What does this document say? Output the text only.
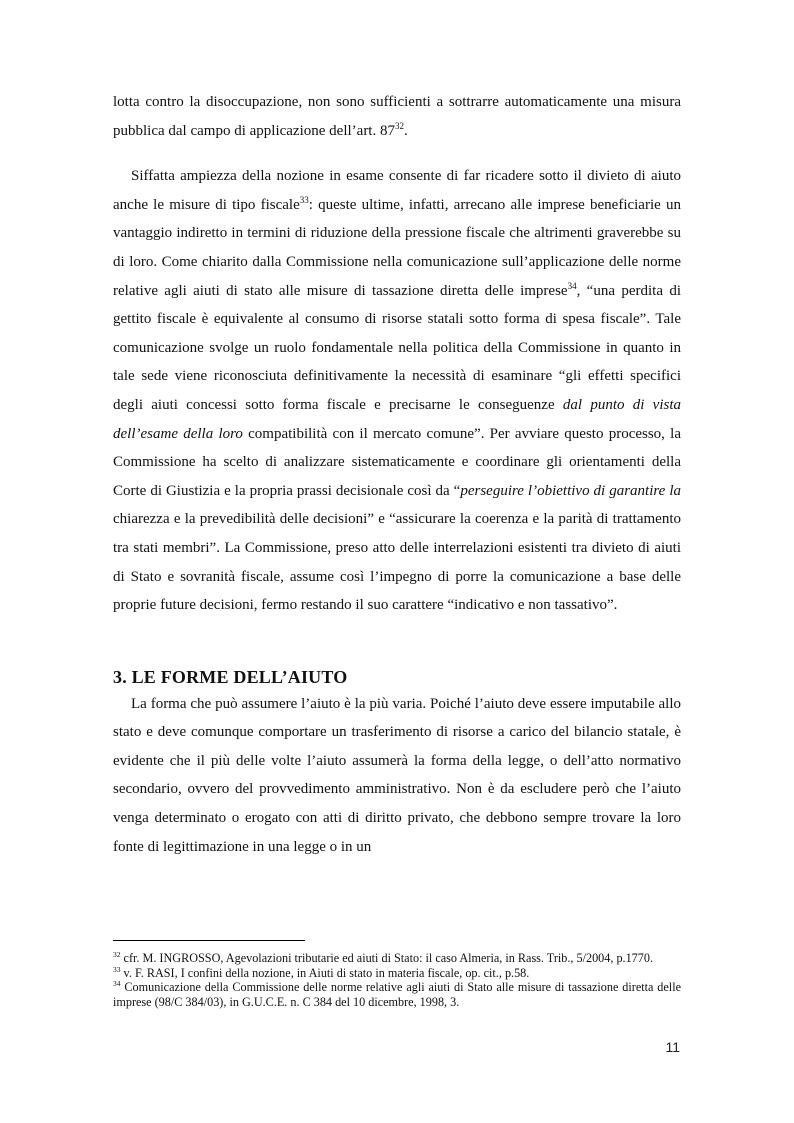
lotta contro la disoccupazione, non sono sufficienti a sottrarre automaticamente una misura pubblica dal campo di applicazione dell’art. $87^{32}$.

Siffatta ampiezza della nozione in esame consente di far ricadere sotto il divieto di aiuto anche le misure di tipo fiscale$^{33}$: queste ultime, infatti, arrecano alle imprese beneficiarie un vantaggio indiretto in termini di riduzione della pressione fiscale che altrimenti graverebbe su di loro. Come chiarito dalla Commissione nella comunicazione sull’applicazione delle norme relative agli aiuti di stato alle misure di tassazione diretta delle imprese$^{34}$, “una perdita di gettito fiscale è equivalente al consumo di risorse statali sotto forma di spesa fiscale”. Tale comunicazione svolge un ruolo fondamentale nella politica della Commissione in quanto in tale sede viene riconosciuta definitivamente la necessità di esaminare “gli effetti specifici degli aiuti concessi sotto forma fiscale e precisarne le conseguenze dal punto di vista dell’esame della loro compatibilità con il mercato comune”. Per avviare questo processo, la Commissione ha scelto di analizzare sistematicamente e coordinare gli orientamenti della Corte di Giustizia e la propria prassi decisionale così da “perseguire l’obiettivo di garantire la chiarezza e la prevedibilità delle decisioni” e “assicurare la coerenza e la parità di trattamento tra stati membri”. La Commissione, preso atto delle interrelazioni esistenti tra divieto di aiuti di Stato e sovranità fiscale, assume così l’impegno di porre la comunicazione a base delle proprie future decisioni, fermo restando il suo carattere “indicativo e non tassativo”.

3. LE FORME DELL’AIUTO

La forma che può assumere l’aiuto è la più varia. Poiché l’aiuto deve essere imputabile allo stato e deve comunque comportare un trasferimento di risorse a carico del bilancio statale, è evidente che il più delle volte l’aiuto assumerà la forma della legge, o dell’atto normativo secondario, ovvero del provvedimento amministrativo. Non è da escludere però che l’aiuto venga determinato o erogato con atti di diritto privato, che debbono sempre trovare la loro fonte di legittimazione in una legge o in un

$^{32}$ cfr. M. INGROSSO, Agevolazioni tributarie ed aiuti di Stato: il caso Almeria, in Rass. Trib., 5/2004, p.1770.

$^{33}$ v. F. RASI, I confini della nozione, in Aiuti di stato in materia fiscale, op. cit., p.58.

$^{34}$ Comunicazione della Commissione delle norme relative agli aiuti di Stato alle misure di tassazione diretta delle imprese (98/C 384/03), in G.U.C.E. n. C 384 del 10 dicembre, 1998, 3.

11
